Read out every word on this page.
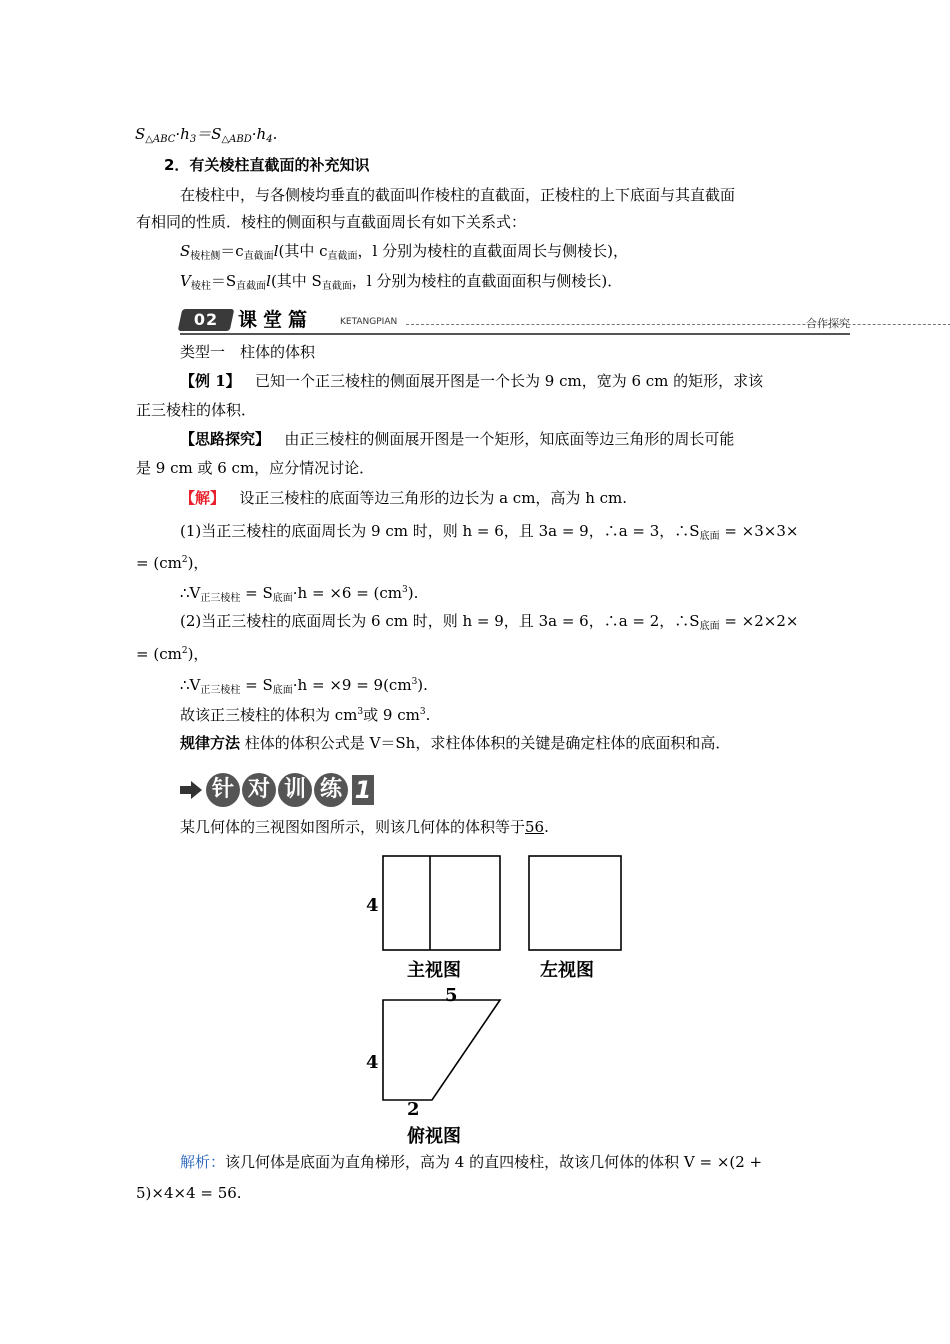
$S_{\triangle ABC}\cdot h_3=S_{\triangle ABD}\cdot h_4$.
2．有关棱柱直截面的补充知识
在棱柱中，与各侧棱均垂直的截面叫作棱柱的直截面，正棱柱的上下底面与其直截面
有相同的性质．棱柱的侧面积与直截面周长有如下关系式：
$S_{棱柱侧}=c_{直截面}l$(其中 $c_{直截面}$，l 分别为棱柱的直截面周长与侧棱长)，
$V_{棱柱}=S_{直截面}l$(其中 $S_{直截面}$，l 分别为棱柱的直截面面积与侧棱长)．
02	课堂篇	KETANGPIAN	合作探究
类型一　柱体的体积
【例 1】 已知一个正三棱柱的侧面展开图是一个长为 9 cm，宽为 6 cm 的矩形，求该
正三棱柱的体积．
【思路探究】 由正三棱柱的侧面展开图是一个矩形，知底面等边三角形的周长可能
是 9 cm 或 6 cm，应分情况讨论．
【解】 设正三棱柱的底面等边三角形的边长为 a cm，高为 h cm.
(1)当正三棱柱的底面周长为 9 cm 时，则 h = 6，且 3a = 9，∴a = 3，$\therefore S_{底面} = \times 3\times 3\times$
= $(cm^2)$，
$\therefore V_{正三棱柱} = S_{底面}\cdot h = \times 6 = (cm^3)$.
(2)当正三棱柱的底面周长为 6 cm 时，则 h = 9，且 3a = 6，∴a = 2，$\therefore S_{底面} = \times 2\times 2\times$
= $(cm^2)$，
$\therefore V_{正三棱柱} = S_{底面}\cdot h = \times 9 = 9(cm^3)$.
故该正三棱柱的体积为 $cm^3$或 9 $cm^3$.
规律方法 柱体的体积公式是 V＝Sh，求柱体体积的关键是确定柱体的底面积和高．
针 对 训 练 1
某几何体的三视图如图所示，则该几何体的体积等于56.
4
主视图	左视图
5
4
2
俯视图
解析：该几何体是底面为直角梯形，高为 4 的直四棱柱，故该几何体的体积 V = ×(2 +
5)×4×4 = 56.
